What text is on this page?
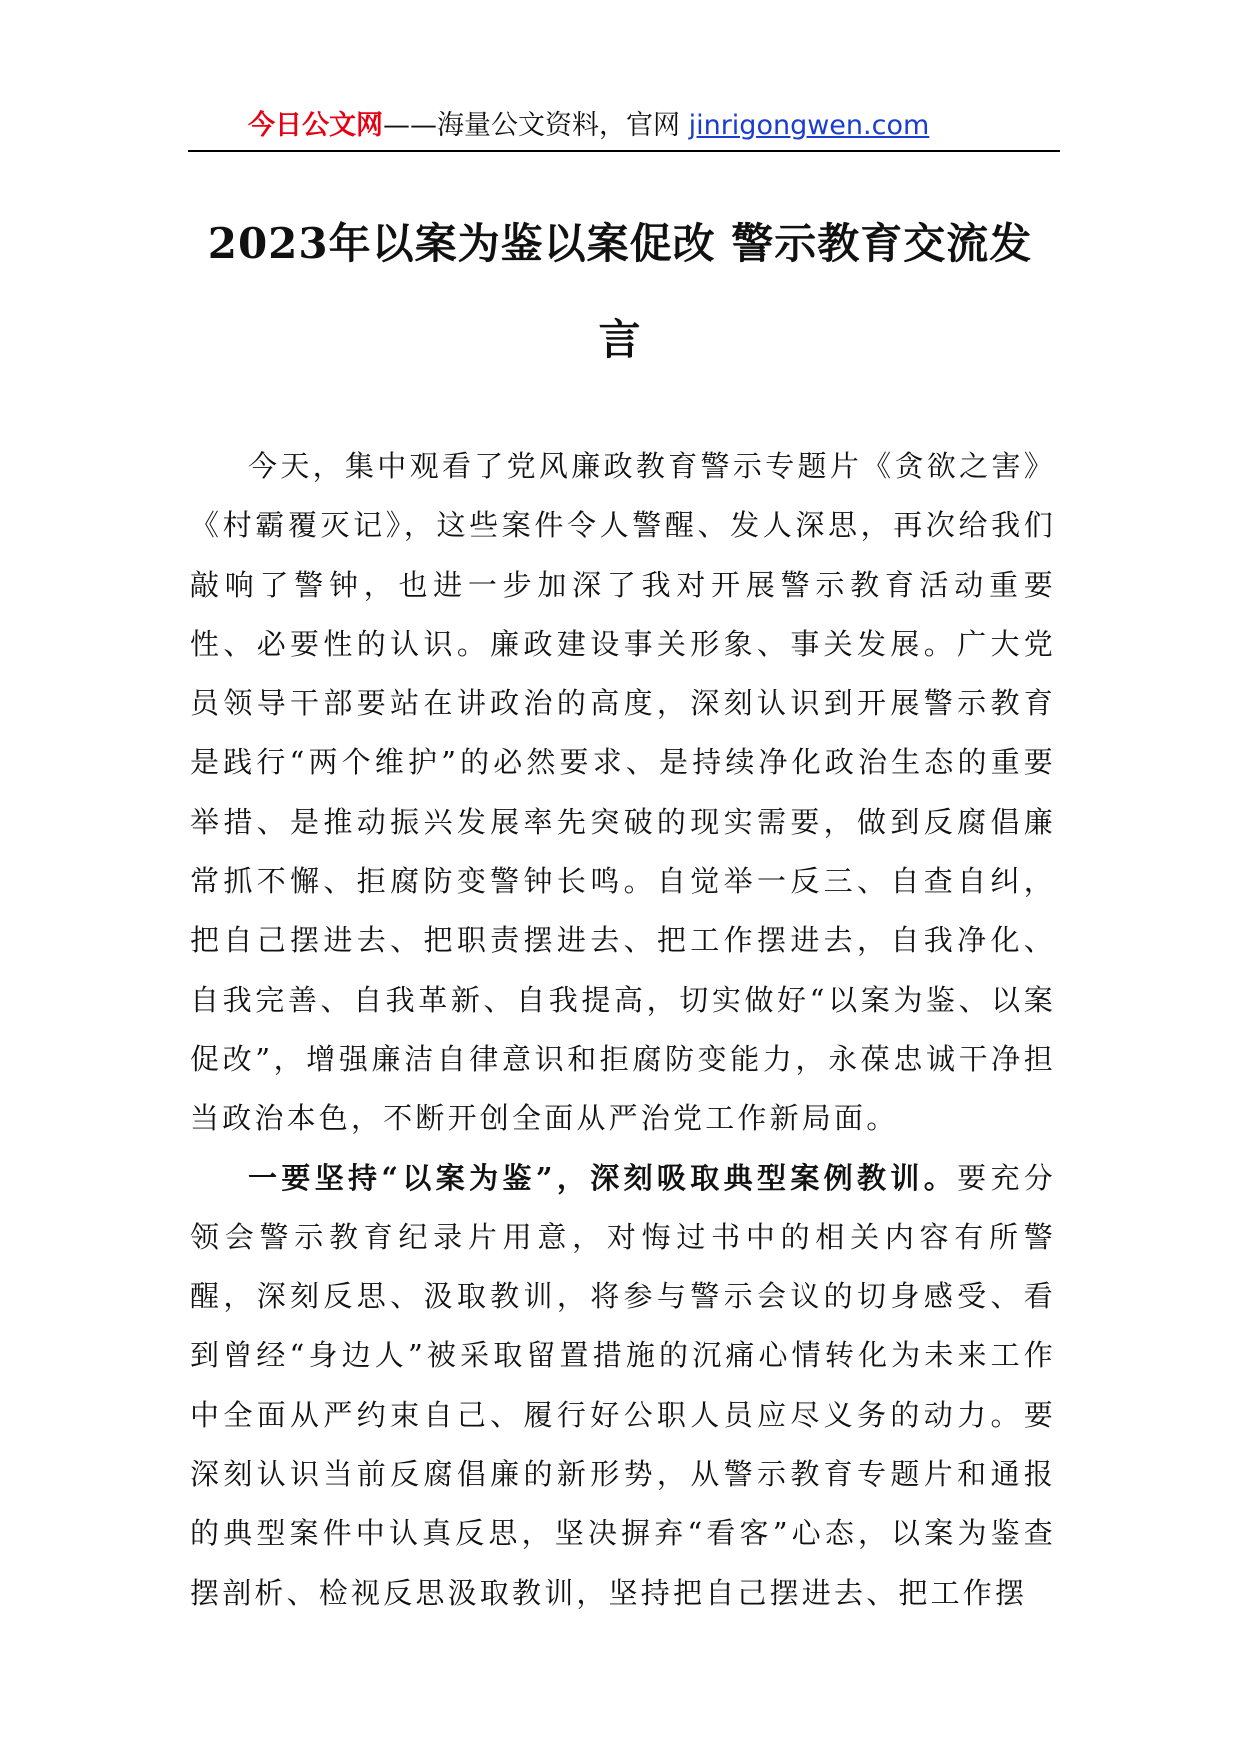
今日公文网——海量公文资料，官网 jinrigongwen.com
2023年以案为鉴以案促改 警示教育交流发言

今天，集中观看了党风廉政教育警示专题片《贪欲之害》《村霸覆灭记》，这些案件令人警醒、发人深思，再次给我们敲响了警钟，也进一步加深了我对开展警示教育活动重要性、必要性的认识。廉政建设事关形象、事关发展。广大党员领导干部要站在讲政治的高度，深刻认识到开展警示教育是践行“两个维护”的必然要求、是持续净化政治生态的重要举措、是推动振兴发展率先突破的现实需要，做到反腐倡廉常抓不懈、拒腐防变警钟长鸣。自觉举一反三、自查自纠，把自己摆进去、把职责摆进去、把工作摆进去，自我净化、自我完善、自我革新、自我提高，切实做好“以案为鉴、以案促改”，增强廉洁自律意识和拒腐防变能力，永葆忠诚干净担当政治本色，不断开创全面从严治党工作新局面。

一要坚持“以案为鉴”，深刻吸取典型案例教训。要充分领会警示教育纪录片用意，对悔过书中的相关内容有所警醒，深刻反思、汲取教训，将参与警示会议的切身感受、看到曾经“身边人”被采取留置措施的沉痛心情转化为未来工作中全面从严约束自己、履行好公职人员应尽义务的动力。要深刻认识当前反腐倡廉的新形势，从警示教育专题片和通报的典型案件中认真反思，坚决摒弃“看客”心态，以案为鉴查摆剖析、检视反思汲取教训，坚持把自己摆进去、把工作摆
